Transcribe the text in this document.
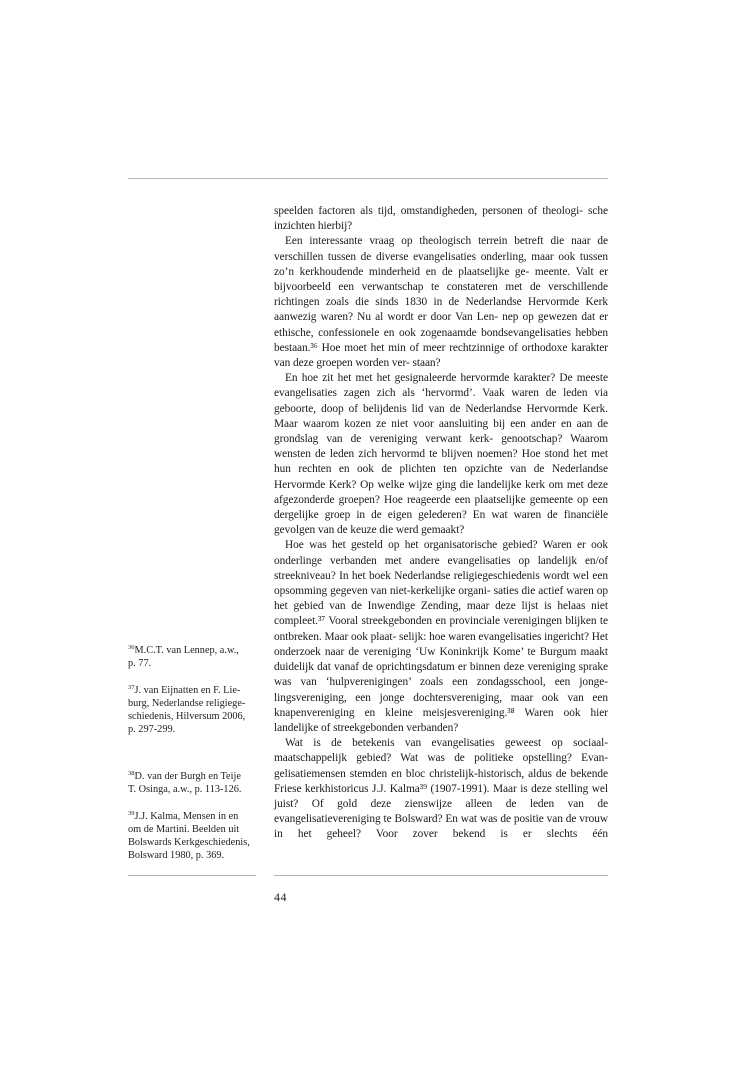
speelden factoren als tijd, omstandigheden, personen of theologi- sche inzichten hierbij?

Een interessante vraag op theologisch terrein betreft die naar de verschillen tussen de diverse evangelisaties onderling, maar ook tussen zo’n kerkhoudende minderheid en de plaatselijke ge- meente. Valt er bijvoorbeeld een verwantschap te constateren met de verschillende richtingen zoals die sinds 1830 in de Nederlandse Hervormde Kerk aanwezig waren? Nu al wordt er door Van Len- nep op gewezen dat er ethische, confessionele en ook zogenaamde bondsevangelisaties hebben bestaan.³⁶ Hoe moet het min of meer rechtzinnige of orthodoxe karakter van deze groepen worden ver- staan?

En hoe zit het met het gesignaleerde hervormde karakter? De meeste evangelisaties zagen zich als ‘hervormd’. Vaak waren de leden via geboorte, doop of belijdenis lid van de Nederlandse Hervormde Kerk. Maar waarom kozen ze niet voor aansluiting bij een ander en aan de grondslag van de vereniging verwant kerk- genootschap? Waarom wensten de leden zich hervormd te blijven noemen? Hoe stond het met hun rechten en ook de plichten ten opzichte van de Nederlandse Hervormde Kerk? Op welke wijze ging die landelijke kerk om met deze afgezonderde groepen? Hoe reageerde een plaatselijke gemeente op een dergelijke groep in de eigen gelederen? En wat waren de financiële gevolgen van de keuze die werd gemaakt?

Hoe was het gesteld op het organisatorische gebied? Waren er ook onderlinge verbanden met andere evangelisaties op landelijk en/of streekniveau? In het boek Nederlandse religiegeschiedenis wordt wel een opsomming gegeven van niet-kerkelijke organi- saties die actief waren op het gebied van de Inwendige Zending, maar deze lijst is helaas niet compleet.³⁷ Vooral streekgebonden en provinciale verenigingen blijken te ontbreken. Maar ook plaat- selijk: hoe waren evangelisaties ingericht? Het onderzoek naar de vereniging ‘Uw Koninkrijk Kome’ te Burgum maakt duidelijk dat vanaf de oprichtingsdatum er binnen deze vereniging sprake was van ‘hulpverenigingen’ zoals een zondagsschool, een jonge- lingsvereniging, een jonge dochtersvereniging, maar ook van een knapenvereniging en kleine meisjesvereniging.³⁸ Waren ook hier landelijke of streekgebonden verbanden?

Wat is de betekenis van evangelisaties geweest op sociaal- maatschappelijk gebied? Wat was de politieke opstelling? Evan- gelisatiemensen stemden en bloc christelijk-historisch, aldus de bekende Friese kerkhistoricus J.J. Kalma³⁹ (1907-1991). Maar is deze stelling wel juist? Of gold deze zienswijze alleen de leden van de evangelisatievereniging te Bolsward? En wat was de positie van de vrouw in het geheel? Voor zover bekend is er slechts één

$^{36}$M.C.T. van Lennep, a.w.,
p. 77.

$^{37}$J. van Eijnatten en F. Lie-
burg, Nederlandse religiege-
schiedenis, Hilversum 2006,
p. 297-299.

$^{38}$D. van der Burgh en Teije
T. Osinga, a.w., p. 113-126.

$^{39}$J.J. Kalma, Mensen in en
om de Martini. Beelden uit
Bolswards Kerkgeschiedenis,
Bolsward 1980, p. 369.

44
